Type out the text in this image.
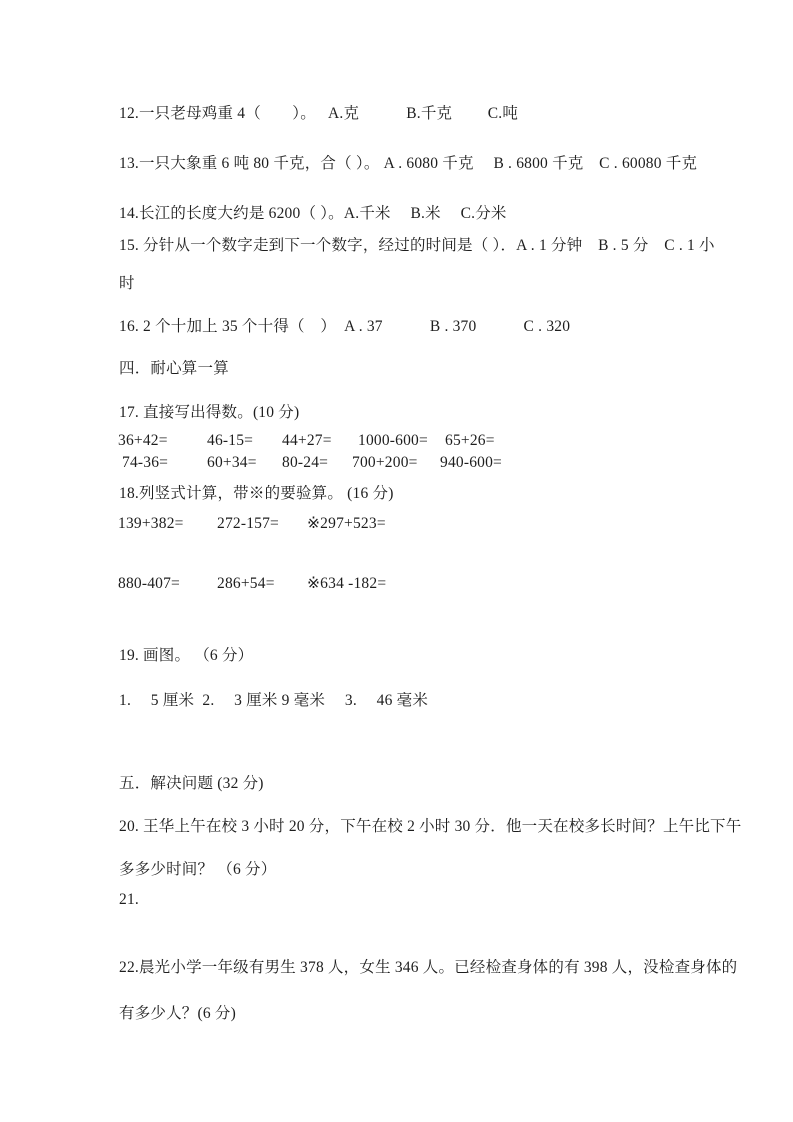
12.一只老母鸡重 4（　　）。　 A.克　　　B.千克　　 C.吨
13.一只大象重 6 吨 80 千克，合（ ）。 A . 6080 千克　 B . 6800 千克　C . 60080 千克
14.长江的长度大约是 6200（ ）。A.千米　 B.米　 C.分米
15. 分针从一个数字走到下一个数字，经过的时间是（ ）．A . 1 分钟　B . 5 分　C . 1 小
时
16. 2 个十加上 35 个十得（　）　A . 37　　　B . 370　　　C . 320
四．耐心算一算
17. 直接写出得数。(10 分)
36+42=	46-15=	44+27=	1000-600=	65+26=
74-36=	60+34=	80-24=	700+200=	940-600=
18.列竖式计算，带※的要验算。 (16 分)
139+382=	272-157=	※297+523=
880-407=	286+54=	※634 -182=
19. 画图。 （6 分）
1.　 5 厘米  2.　 3 厘米 9 毫米　 3.　 46 毫米
五．解决问题 (32 分)
20. 王华上午在校 3 小时 20 分，下午在校 2 小时 30 分．他一天在校多长时间？上午比下午
多多少时间？ （6 分）
21.
22.晨光小学一年级有男生 378 人，女生 346 人。已经检查身体的有 398 人，没检查身体的
有多少人？(6 分)
